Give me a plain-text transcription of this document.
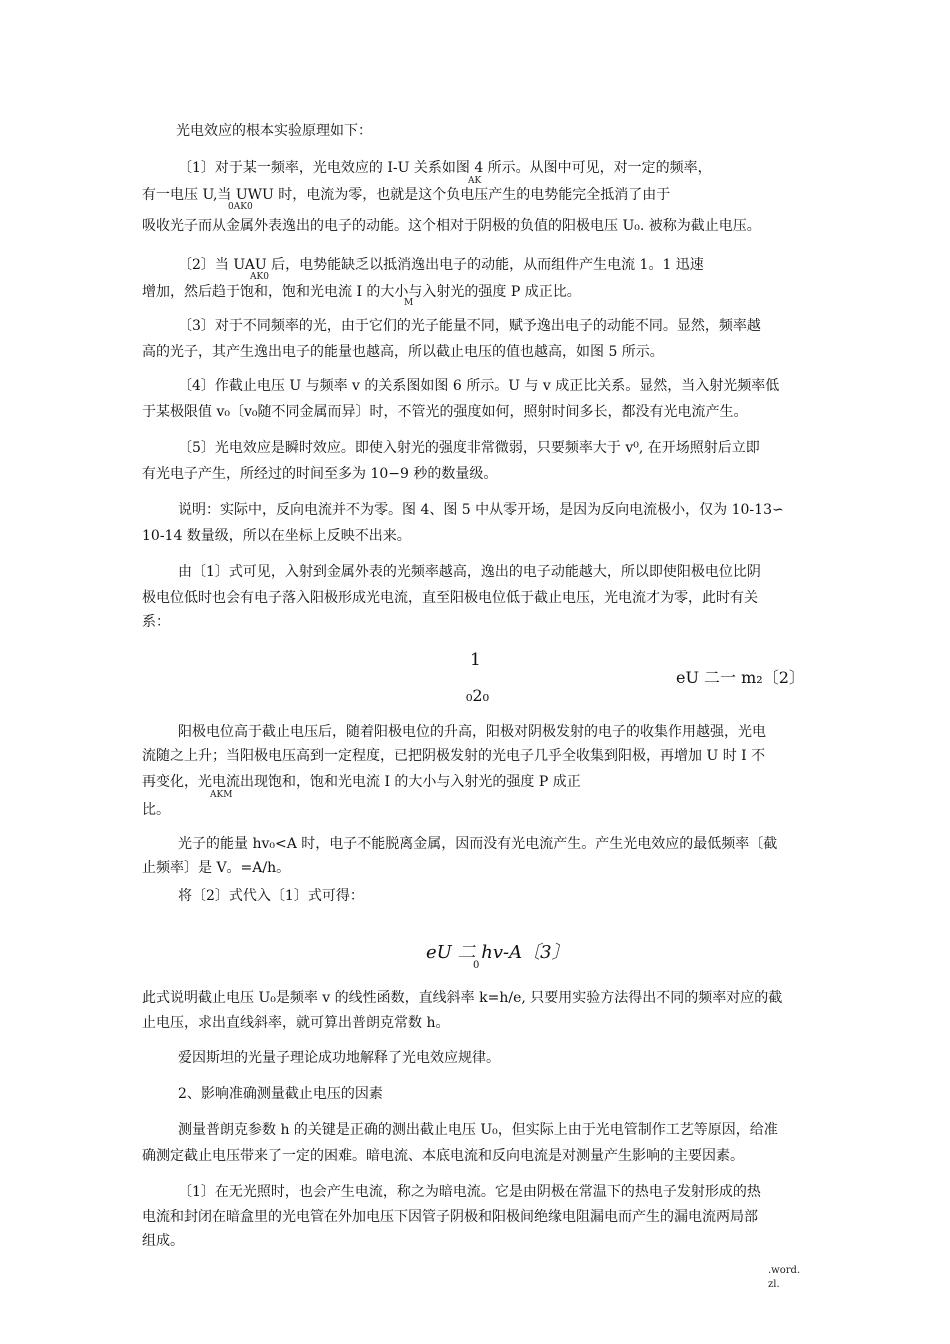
光电效应的根本实验原理如下：
〔1〕对于某一频率，光电效应的 I-U 关系如图 4 所示。从图中可见，对一定的频率，
AK
有一电压 U,当 UWU 时，电流为零，也就是这个负电压产生的电势能完全抵消了由于
0AK0
吸收光子而从金属外表逸出的电子的动能。这个相对于阴极的负值的阳极电压 U₀. 被称为截止电压。
〔2〕当 UAU 后，电势能缺乏以抵消逸出电子的动能，从而组件产生电流 1。1 迅速
AK0
增加，然后趋于饱和，饱和光电流 I 的大小与入射光的强度 P 成正比。
M
〔3〕对于不同频率的光，由于它们的光子能量不同，赋予逸出电子的动能不同。显然，频率越
高的光子，其产生逸出电子的能量也越高，所以截止电压的值也越高，如图 5 所示。
〔4〕作截止电压 U 与频率 v 的关系图如图 6 所示。U 与 v 成正比关系。显然，当入射光频率低
于某极限值 v₀〔v₀随不同金属而异〕时，不管光的强度如何，照射时间多长，都没有光电流产生。
〔5〕光电效应是瞬时效应。即使入射光的强度非常微弱，只要频率大于 v⁰, 在开场照射后立即
有光电子产生，所经过的时间至多为 10−9 秒的数量级。
说明：实际中，反向电流并不为零。图 4、图 5 中从零开场，是因为反向电流极小，仅为 10-13∽
10-14 数量级，所以在坐标上反映不出来。
由〔1〕式可见，入射到金属外表的光频率越高，逸出的电子动能越大，所以即使阳极电位比阴
极电位低时也会有电子落入阳极形成光电流，直至阳极电位低于截止电压，光电流才为零，此时有关
系：
1
eU 二一 m₂〔2〕
₀2₀
阳极电位高于截止电压后，随着阳极电位的升高，阳极对阴极发射的电子的收集作用越强，光电
流随之上升；当阳极电压高到一定程度，已把阴极发射的光电子几乎全收集到阳极，再增加 U 时 I 不
再变化，光电流出现饱和，饱和光电流 I 的大小与入射光的强度 P 成正
AKM
比。
光子的能量 hv₀<A 时，电子不能脱离金属，因而没有光电流产生。产生光电效应的最低频率〔截
止频率〕是 V。=A/h。
将〔2〕式代入〔1〕式可得：
eU 二 hv-A〔3〕
0
此式说明截止电压 U₀是频率 v 的线性函数，直线斜率 k=h/e, 只要用实验方法得出不同的频率对应的截
止电压，求出直线斜率，就可算出普朗克常数 h。
爱因斯坦的光量子理论成功地解释了光电效应规律。
2、影响准确测量截止电压的因素
测量普朗克参数 h 的关键是正确的测出截止电压 U₀，但实际上由于光电管制作工艺等原因，给准
确测定截止电压带来了一定的困难。暗电流、本底电流和反向电流是对测量产生影响的主要因素。
〔1〕在无光照时，也会产生电流，称之为暗电流。它是由阴极在常温下的热电子发射形成的热
电流和封闭在暗盒里的光电管在外加电压下因管子阴极和阳极间绝缘电阻漏电而产生的漏电流两局部
组成。
.word.
zl.
